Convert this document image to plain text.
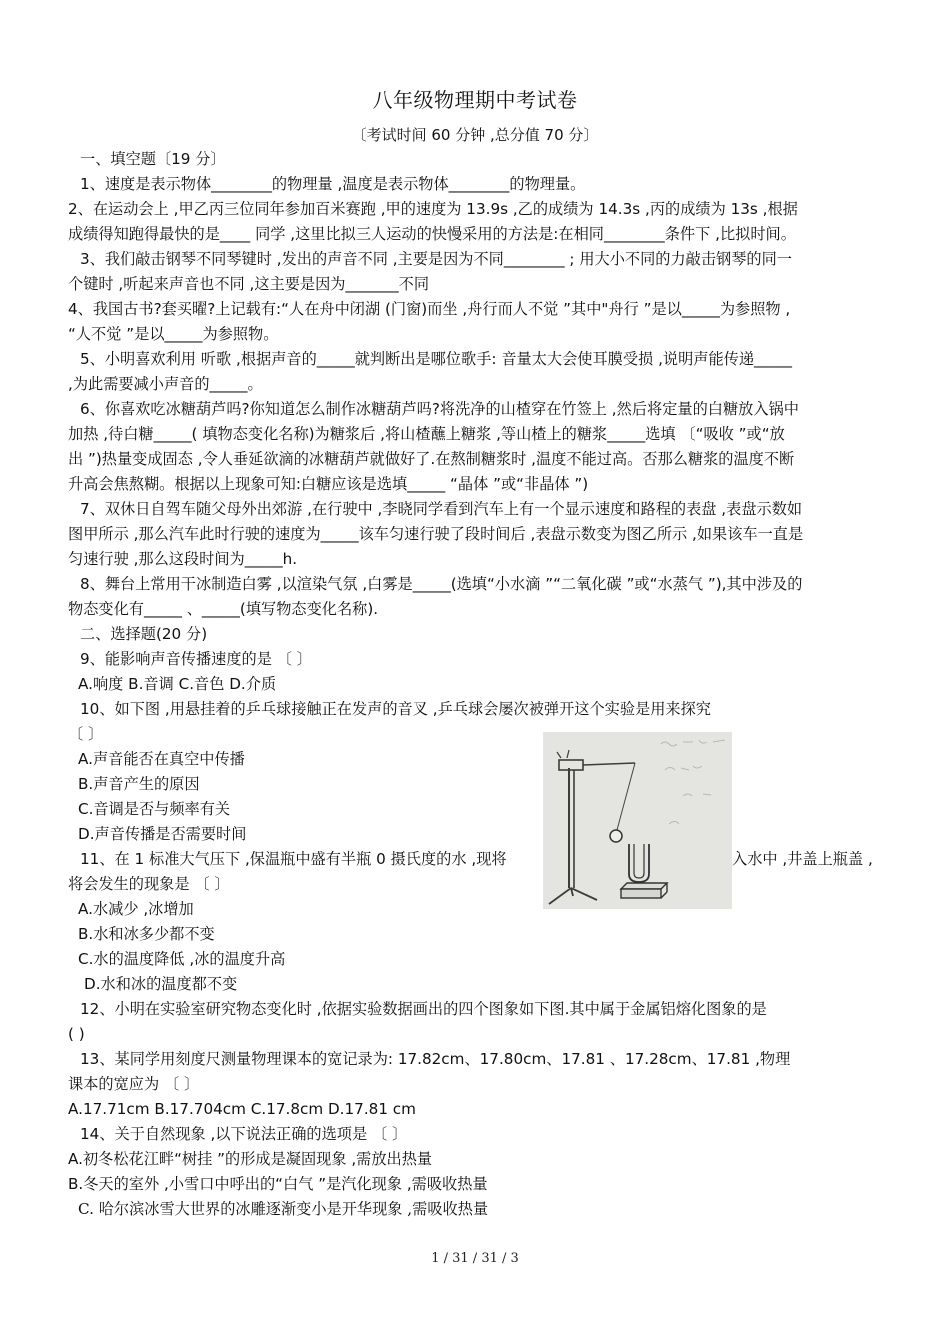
八年级物理期中考试卷
〔考试时间 60 分钟 ,总分值 70 分〕
一、填空题〔19 分〕
1、速度是表示物体________的物理量 ,温度是表示物体________的物理量。
2、在运动会上 ,甲乙丙三位同年参加百米赛跑 ,甲的速度为 13.9s ,乙的成绩为 14.3s ,丙的成绩为 13s ,根据
成绩得知跑得最快的是____ 同学 ,这里比拟三人运动的快慢采用的方法是:在相同________条件下 ,比拟时间。
3、我们敲击钢琴不同琴键时 ,发出的声音不同 ,主要是因为不同________ ; 用大小不同的力敲击钢琴的同一
个键时 ,听起来声音也不同 ,这主要是因为_______不同
4、我国古书?套买曜?上记载有:“人在舟中闭湖 (门窗)而坐 ,舟行而人不觉 ”其中"舟行 ”是以_____为参照物 ,
“人不觉 ”是以_____为参照物。
5、小明喜欢利用 听歌 ,根据声音的_____就判断出是哪位歌手: 音量太大会使耳膜受损 ,说明声能传递_____
,为此需要减小声音的_____。
6、你喜欢吃冰糖葫芦吗?你知道怎么制作冰糖葫芦吗?将洗净的山楂穿在竹签上 ,然后将定量的白糖放入锅中
加热 ,待白糖_____( 填物态变化名称)为糖浆后 ,将山楂蘸上糖浆 ,等山楂上的糖浆_____选填 〔“吸收 ”或“放
出 ”)热量变成固态 ,令人垂延欲滴的冰糖葫芦就做好了.在熬制糖浆时 ,温度不能过高。否那么糖浆的温度不断
升高会焦熬糊。根据以上现象可知:白糖应该是选填_____ “晶体 ”或“非晶体 ”)
7、双休日自驾车随父母外出郊游 ,在行驶中 ,李晓同学看到汽车上有一个显示速度和路程的表盘 ,表盘示数如
图甲所示 ,那么汽车此时行驶的速度为_____该车匀速行驶了段时间后 ,表盘示数变为图乙所示 ,如果该车一直是
匀速行驶 ,那么这段时间为_____h.
8、舞台上常用干冰制造白雾 ,以渲染气氛 ,白雾是_____(选填“小水滴 ”“二氧化碳 ”或“水蒸气 ”),其中涉及的
物态变化有_____ 、_____(填写物态变化名称).
二、选择题(20 分)
9、能影响声音传播速度的是 〔 〕
A.响度 B.音调 C.音色 D.介质
10、如下图 ,用悬挂着的乒乓球接触正在发声的音叉 ,乒乓球会屡次被弹开这个实验是用来探究
〔 〕
A.声音能否在真空中传播
B.声音产生的原因
C.音调是否与频率有关
D.声音传播是否需要时间
11、在 1 标准大气压下 ,保温瓶中盛有半瓶 0 摄氏度的水 ,现将	入水中 ,井盖上瓶盖 ,
将会发生的现象是 〔 〕
A.水减少 ,冰增加
B.水和冰多少都不变
C.水的温度降低 ,冰的温度升高
D.水和冰的温度都不变
12、小明在实验室研究物态变化时 ,依据实验数据画出的四个图象如下图.其中属于金属铝熔化图象的是
( )
13、某同学用刻度尺测量物理课本的宽记录为: 17.82cm、17.80cm、17.81 、17.28cm、17.81 ,物理
课本的宽应为 〔 〕
A.17.71cm B.17.704cm C.17.8cm D.17.81 cm
14、关于自然现象 ,以下说法正确的选项是 〔 〕
A.初冬松花江畔“树挂 ”的形成是凝固现象 ,需放出热量
B.冬天的室外 ,小雪口中呼出的“白气 ”是汽化现象 ,需吸收热量
C. 哈尔滨冰雪大世界的冰雕逐渐变小是开华现象 ,需吸收热量
1 / 31 / 31 / 3
